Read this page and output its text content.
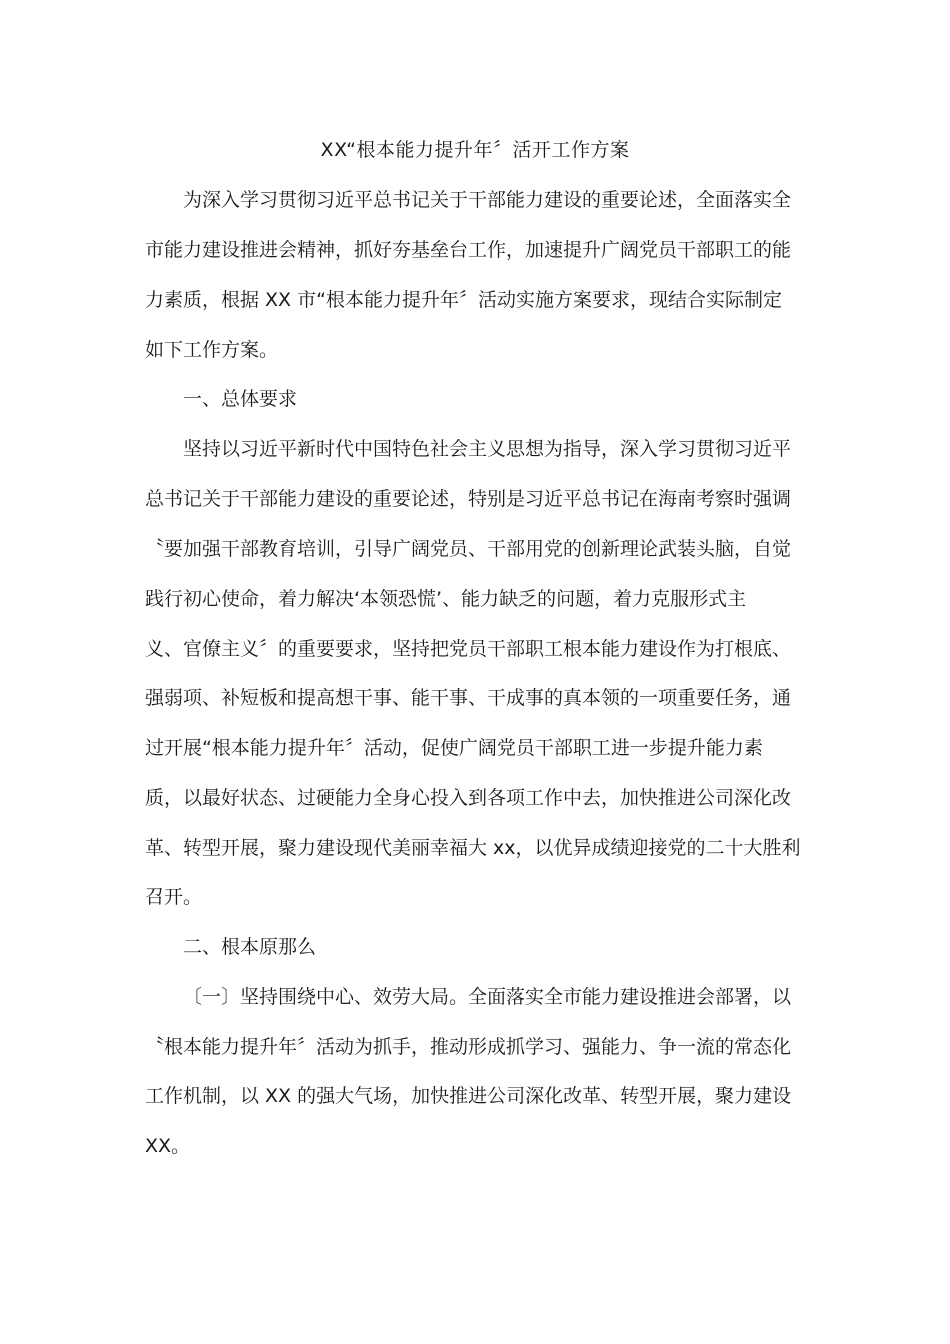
XX“根本能力提升年〞活开工作方案
为深入学习贯彻习近平总书记关于干部能力建设的重要论述，全面落实全
市能力建设推进会精神，抓好夯基垒台工作，加速提升广阔党员干部职工的能
力素质，根据 XX 市“根本能力提升年〞活动实施方案要求，现结合实际制定
如下工作方案。
一、总体要求
坚持以习近平新时代中国特色社会主义思想为指导，深入学习贯彻习近平
总书记关于干部能力建设的重要论述，特别是习近平总书记在海南考察时强调
〝要加强干部教育培训，引导广阔党员、干部用党的创新理论武装头脑，自觉
践行初心使命，着力解决‘本领恐慌’、能力缺乏的问题，着力克服形式主
义、官僚主义〞的重要要求，坚持把党员干部职工根本能力建设作为打根底、
强弱项、补短板和提高想干事、能干事、干成事的真本领的一项重要任务，通
过开展“根本能力提升年〞活动，促使广阔党员干部职工进一步提升能力素
质，以最好状态、过硬能力全身心投入到各项工作中去，加快推进公司深化改
革、转型开展，聚力建设现代美丽幸福大 xx，以优异成绩迎接党的二十大胜利
召开。
二、根本原那么
〔一〕坚持围绕中心、效劳大局。全面落实全市能力建设推进会部署，以
〝根本能力提升年〞活动为抓手，推动形成抓学习、强能力、争一流的常态化
工作机制，以 XX 的强大气场，加快推进公司深化改革、转型开展，聚力建设
XX。
